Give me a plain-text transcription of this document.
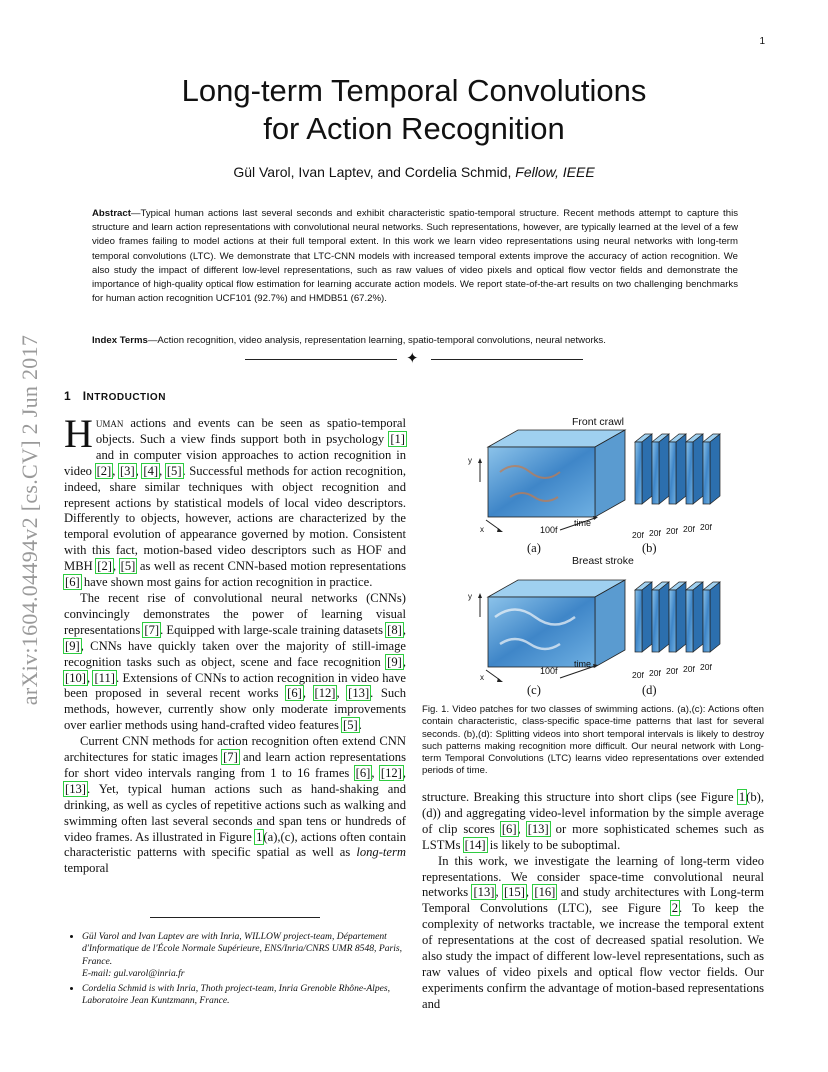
1
arXiv:1604.04494v2 [cs.CV] 2 Jun 2017
Long-term Temporal Convolutions
for Action Recognition
Gül Varol, Ivan Laptev, and Cordelia Schmid, Fellow, IEEE
Abstract—Typical human actions last several seconds and exhibit characteristic spatio-temporal structure. Recent methods attempt to capture this structure and learn action representations with convolutional neural networks. Such representations, however, are typically learned at the level of a few video frames failing to model actions at their full temporal extent. In this work we learn video representations using neural networks with long-term temporal convolutions (LTC). We demonstrate that LTC-CNN models with increased temporal extents improve the accuracy of action recognition. We also study the impact of different low-level representations, such as raw values of video pixels and optical flow vector fields and demonstrate the importance of high-quality optical flow estimation for learning accurate action models. We report state-of-the-art results on two challenging benchmarks for human action recognition UCF101 (92.7%) and HMDB51 (67.2%).
Index Terms—Action recognition, video analysis, representation learning, spatio-temporal convolutions, neural networks.
✦
1 INTRODUCTION

Human actions and events can be seen as spatio-temporal objects. Such a view finds support both in psychology [1] and in computer vision approaches to action recognition in video [2], [3], [4], [5]. Successful methods for action recognition, indeed, share similar techniques with object recognition and represent actions by statistical models of local video descriptors. Differently to objects, however, actions are characterized by the temporal evolution of appearance governed by motion. Consistent with this fact, motion-based video descriptors such as HOF and MBH [2], [5] as well as recent CNN-based motion representations [6] have shown most gains for action recognition in practice.

The recent rise of convolutional neural networks (CNNs) convincingly demonstrates the power of learning visual representations [7]. Equipped with large-scale training datasets [8], [9], CNNs have quickly taken over the majority of still-image recognition tasks such as object, scene and face recognition [9], [10], [11]. Extensions of CNNs to action recognition in video have been proposed in several recent works [6], [12], [13]. Such methods, however, currently show only moderate improvements over earlier methods using hand-crafted video features [5].

Current CNN methods for action recognition often extend CNN architectures for static images [7] and learn action representations for short video intervals ranging from 1 to 16 frames [6], [12], [13]. Yet, typical human actions such as hand-shaking and drinking, as well as cycles of repetitive actions such as walking and swimming often last several seconds and span tens or hundreds of video frames. As illustrated in Figure 1(a),(c), actions often contain characteristic patterns with specific spatial as well as long-term temporal

• Gül Varol and Ivan Laptev are with Inria, WILLOW project-team, Département d'Informatique de l'École Normale Supérieure, ENS/Inria/CNRS UMR 8548, Paris, France.
E-mail: gul.varol@inria.fr
• Cordelia Schmid is with Inria, Thoth project-team, Inria Grenoble Rhône-Alpes, Laboratoire Jean Kuntzmann, France.
Front crawl
Breast stroke
y
x	100f
time
20f 20f 20f 20f 20f
(a)	(b)
y
x
100f
time
20f 20f 20f 20f 20f
(c)	(d)
Fig. 1. Video patches for two classes of swimming actions. (a),(c): Actions often contain characteristic, class-specific space-time patterns that last for several seconds. (b),(d): Splitting videos into short temporal intervals is likely to destroy such patterns making recognition more difficult. Our neural network with Long-term Temporal Convolutions (LTC) learns video representations over extended periods of time.

structure. Breaking this structure into short clips (see Figure 1(b),(d)) and aggregating video-level information by the simple average of clip scores [6], [13] or more sophisticated schemes such as LSTMs [14] is likely to be suboptimal.

In this work, we investigate the learning of long-term video representations. We consider space-time convolutional neural networks [13], [15], [16] and study architectures with Long-term Temporal Convolutions (LTC), see Figure 2. To keep the complexity of networks tractable, we increase the temporal extent of representations at the cost of decreased spatial resolution. We also study the impact of different low-level representations, such as raw values of video pixels and optical flow vector fields. Our experiments confirm the advantage of motion-based representations and
